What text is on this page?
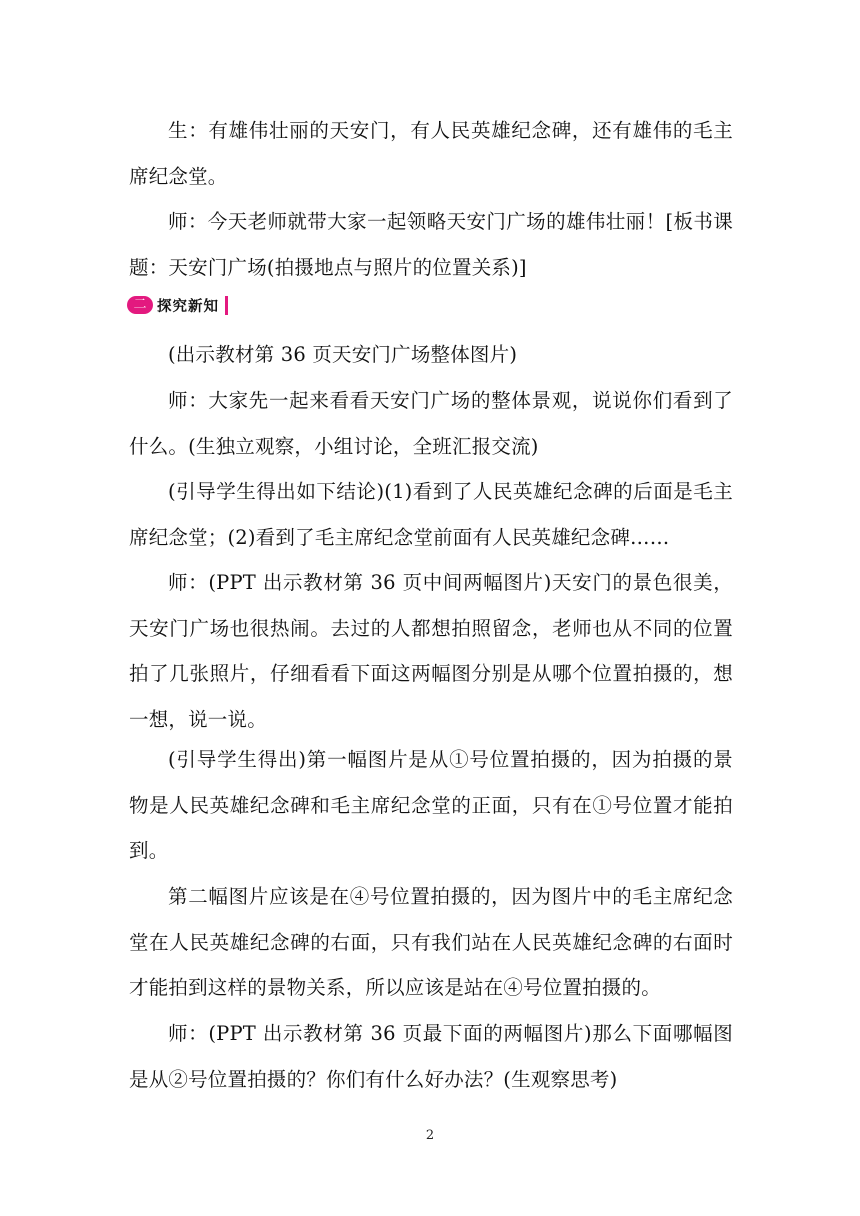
生：有雄伟壮丽的天安门，有人民英雄纪念碑，还有雄伟的毛主席纪念堂。

师：今天老师就带大家一起领略天安门广场的雄伟壮丽！[板书课题：天安门广场(拍摄地点与照片的位置关系)]

二 探究新知

(出示教材第 36 页天安门广场整体图片)

师：大家先一起来看看天安门广场的整体景观，说说你们看到了什么。(生独立观察，小组讨论，全班汇报交流)

(引导学生得出如下结论)(1)看到了人民英雄纪念碑的后面是毛主席纪念堂；(2)看到了毛主席纪念堂前面有人民英雄纪念碑……

师：(PPT 出示教材第 36 页中间两幅图片)天安门的景色很美，天安门广场也很热闹。去过的人都想拍照留念，老师也从不同的位置拍了几张照片，仔细看看下面这两幅图分别是从哪个位置拍摄的，想一想，说一说。

(引导学生得出)第一幅图片是从①号位置拍摄的，因为拍摄的景物是人民英雄纪念碑和毛主席纪念堂的正面，只有在①号位置才能拍到。

第二幅图片应该是在④号位置拍摄的，因为图片中的毛主席纪念堂在人民英雄纪念碑的右面，只有我们站在人民英雄纪念碑的右面时才能拍到这样的景物关系，所以应该是站在④号位置拍摄的。

师：(PPT 出示教材第 36 页最下面的两幅图片)那么下面哪幅图是从②号位置拍摄的？你们有什么好办法？(生观察思考)

2
